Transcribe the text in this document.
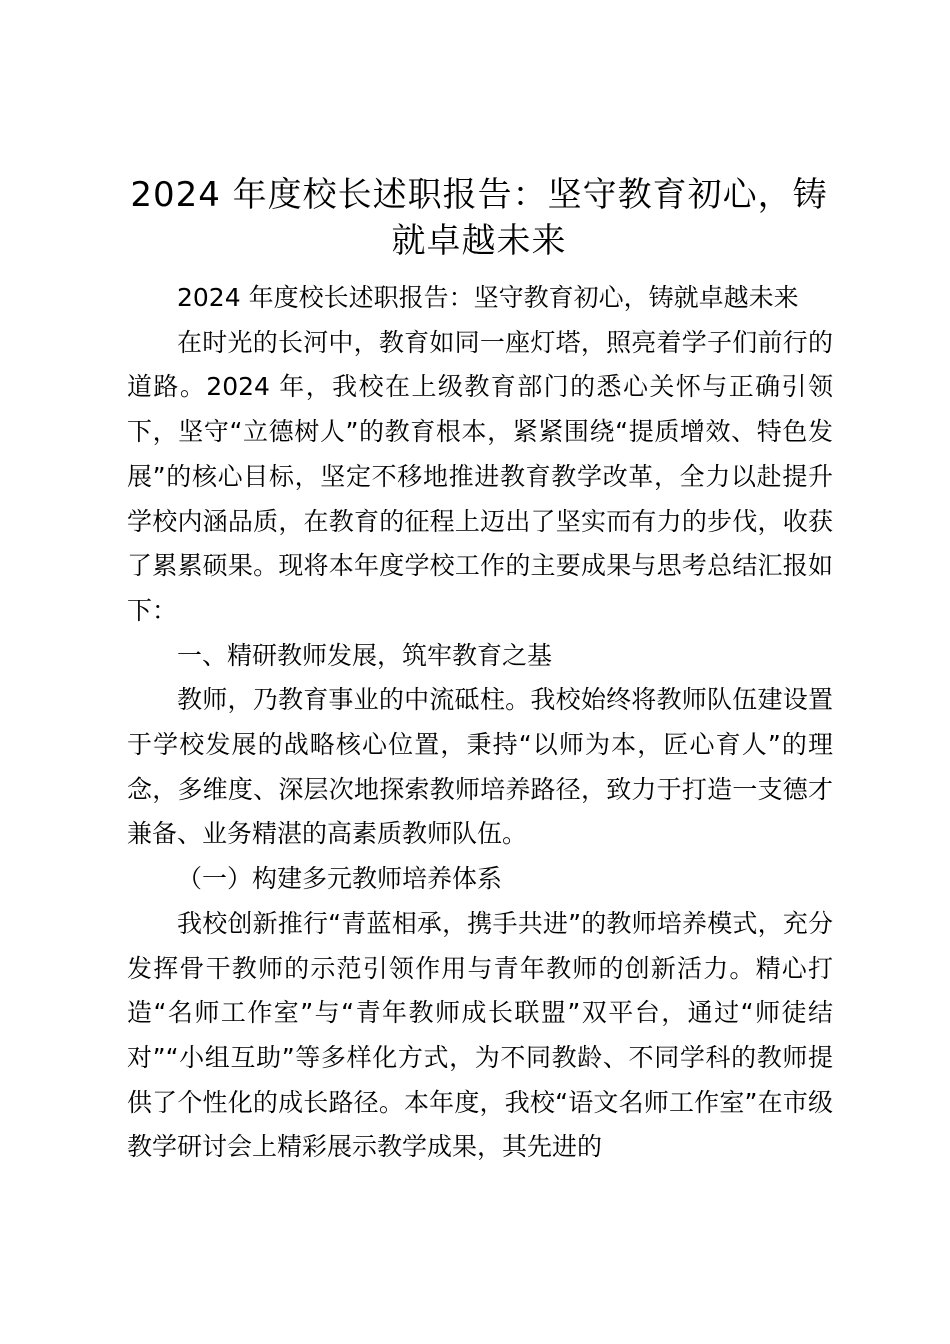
2024 年度校长述职报告：坚守教育初心，铸就卓越未来

2024 年度校长述职报告：坚守教育初心，铸就卓越未来

在时光的长河中，教育如同一座灯塔，照亮着学子们前行的道路。2024 年，我校在上级教育部门的悉心关怀与正确引领下，坚守“立德树人”的教育根本，紧紧围绕“提质增效、特色发展”的核心目标，坚定不移地推进教育教学改革，全力以赴提升学校内涵品质，在教育的征程上迈出了坚实而有力的步伐，收获了累累硕果。现将本年度学校工作的主要成果与思考总结汇报如下：

一、精研教师发展，筑牢教育之基

教师，乃教育事业的中流砥柱。我校始终将教师队伍建设置于学校发展的战略核心位置，秉持“以师为本，匠心育人”的理念，多维度、深层次地探索教师培养路径，致力于打造一支德才兼备、业务精湛的高素质教师队伍。

（一）构建多元教师培养体系

我校创新推行“青蓝相承，携手共进”的教师培养模式，充分发挥骨干教师的示范引领作用与青年教师的创新活力。精心打造“名师工作室”与“青年教师成长联盟”双平台，通过“师徒结对”“小组互助”等多样化方式，为不同教龄、不同学科的教师提供了个性化的成长路径。本年度，我校“语文名师工作室”在市级教学研讨会上精彩展示教学成果，其先进的
